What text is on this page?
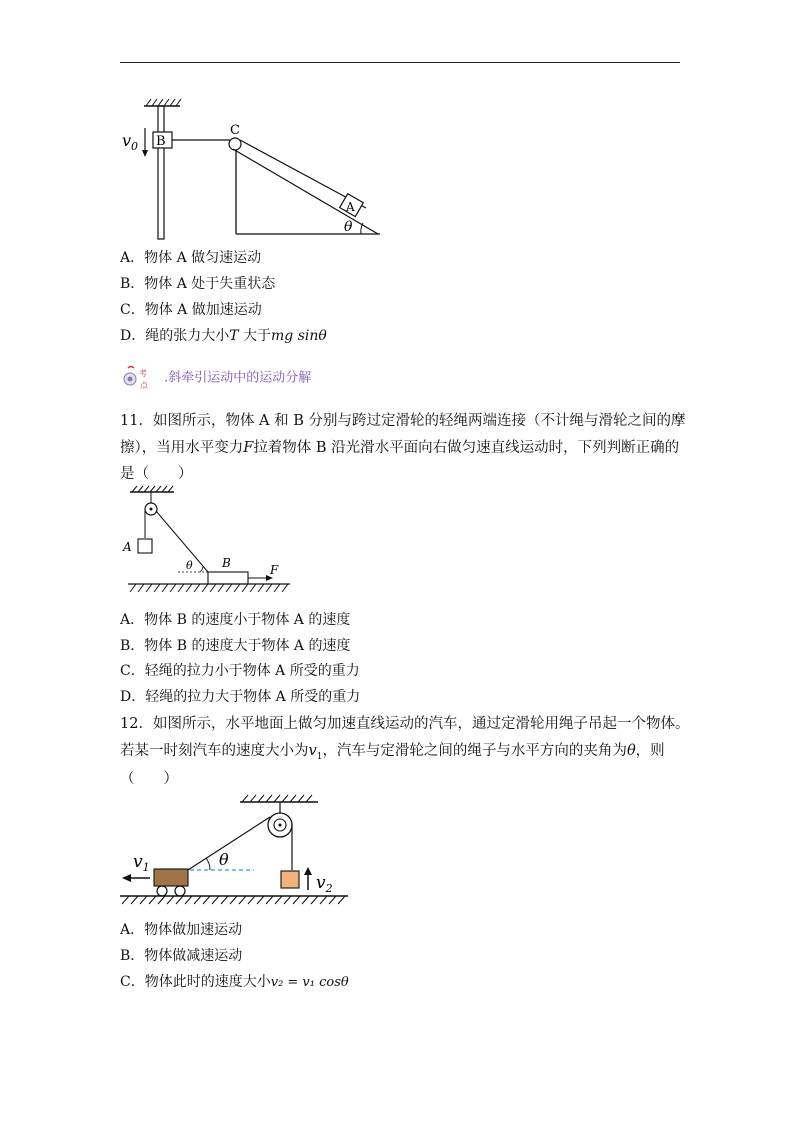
B
$v_0$
C
A
θ
A．物体 A 做匀速运动
B．物体 A 处于失重状态
C．物体 A 做加速运动
D．绳的张力大小T 大于mg sinθ
考
点 .斜牵引运动中的运动分解
11．如图所示，物体 A 和 B 分别与跨过定滑轮的轻绳两端连接（不计绳与滑轮之间的摩
擦），当用水平变力F拉着物体 B 沿光滑水平面向右做匀速直线运动时，下列判断正确的
是（　　）
A
B
θ	F
A．物体 B 的速度小于物体 A 的速度
B．物体 B 的速度大于物体 A 的速度
C．轻绳的拉力小于物体 A 所受的重力
D．轻绳的拉力大于物体 A 所受的重力
12．如图所示，水平地面上做匀加速直线运动的汽车，通过定滑轮用绳子吊起一个物体。
若某一时刻汽车的速度大小为$v_1$，汽车与定滑轮之间的绳子与水平方向的夹角为θ，则
（　　）
$v_2$
θ
$v_1$
A．物体做加速运动
B．物体做减速运动
C．物体此时的速度大小v₂ = v₁ cosθ
